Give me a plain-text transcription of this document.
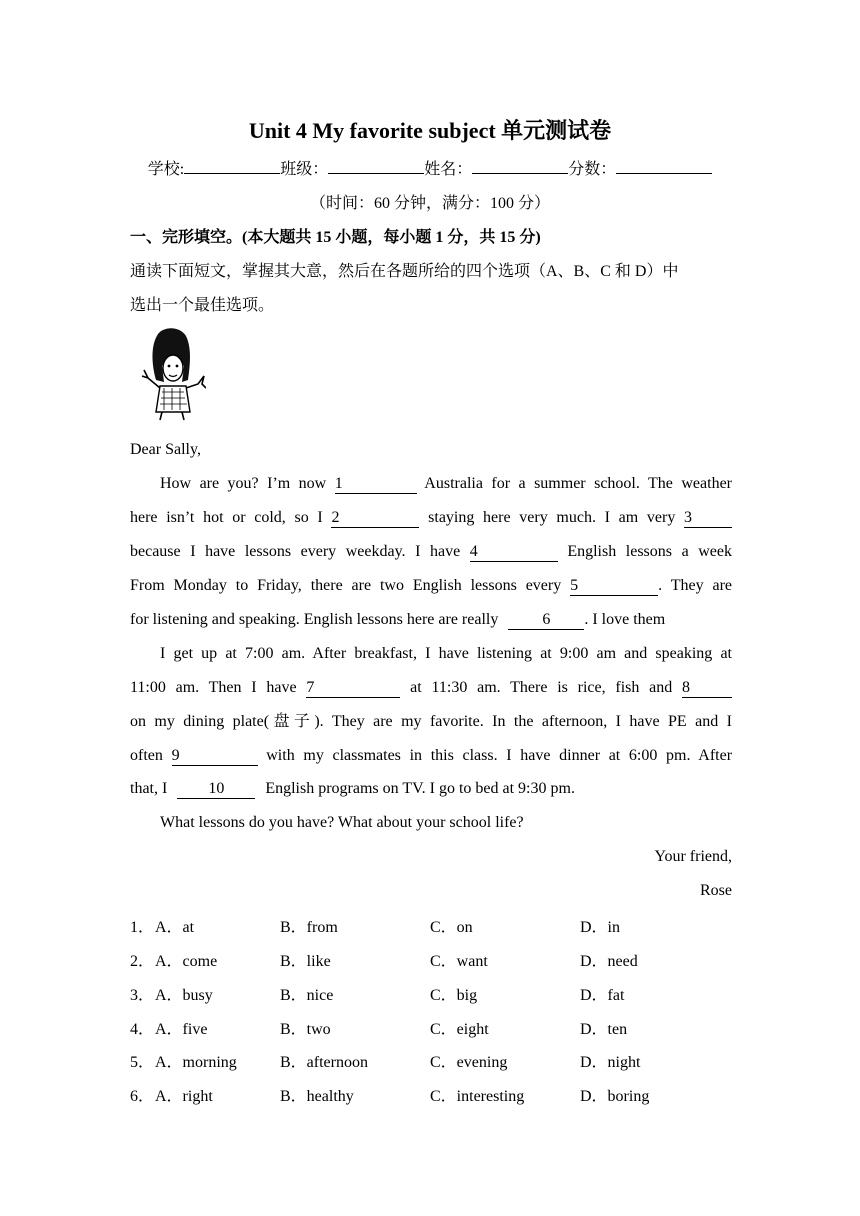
Unit 4 My favorite subject 单元测试卷
学校:	班级：	姓名：	分数：
（时间：60 分钟，满分：100 分）
一、完形填空。(本大题共 15 小题，每小题 1 分，共 15 分)
通读下面短文，掌握其大意，然后在各题所给的四个选项（A、B、C 和 D）中
选出一个最佳选项。
Dear Sally,
How are you? I’m now 1	Australia for a summer school. The weather
here isn’t hot or cold, so I 2	staying here very much. I am very 3
because I have lessons every weekday. I have 4	English lessons a week
From Monday to Friday, there are two English lessons every 5	. They are
for listening and speaking. English lessons here are really	6 . I love them
I get up at 7:00 am. After breakfast, I have listening at 9:00 am and speaking at
11:00 am. Then I have 7	at 11:30 am. There is rice, fish and 8
on my dining plate(盘子). They are my favorite. In the afternoon, I have PE and I
often 9	with my classmates in this class. I have dinner at 6:00 pm. After
that, I	10	English programs on TV. I go to bed at 9:30 pm.
What lessons do you have? What about your school life?
Your friend,
Rose
1． A．at	B．from	C．on	D．in
2． A．come	B．like	C．want	D．need
3． A．busy	B．nice	C．big	D．fat
4． A．five	B．two	C．eight	D．ten
5． A．morning	B．afternoon	C．evening	D．night
6． A．right	B．healthy	C．interesting	D．boring
